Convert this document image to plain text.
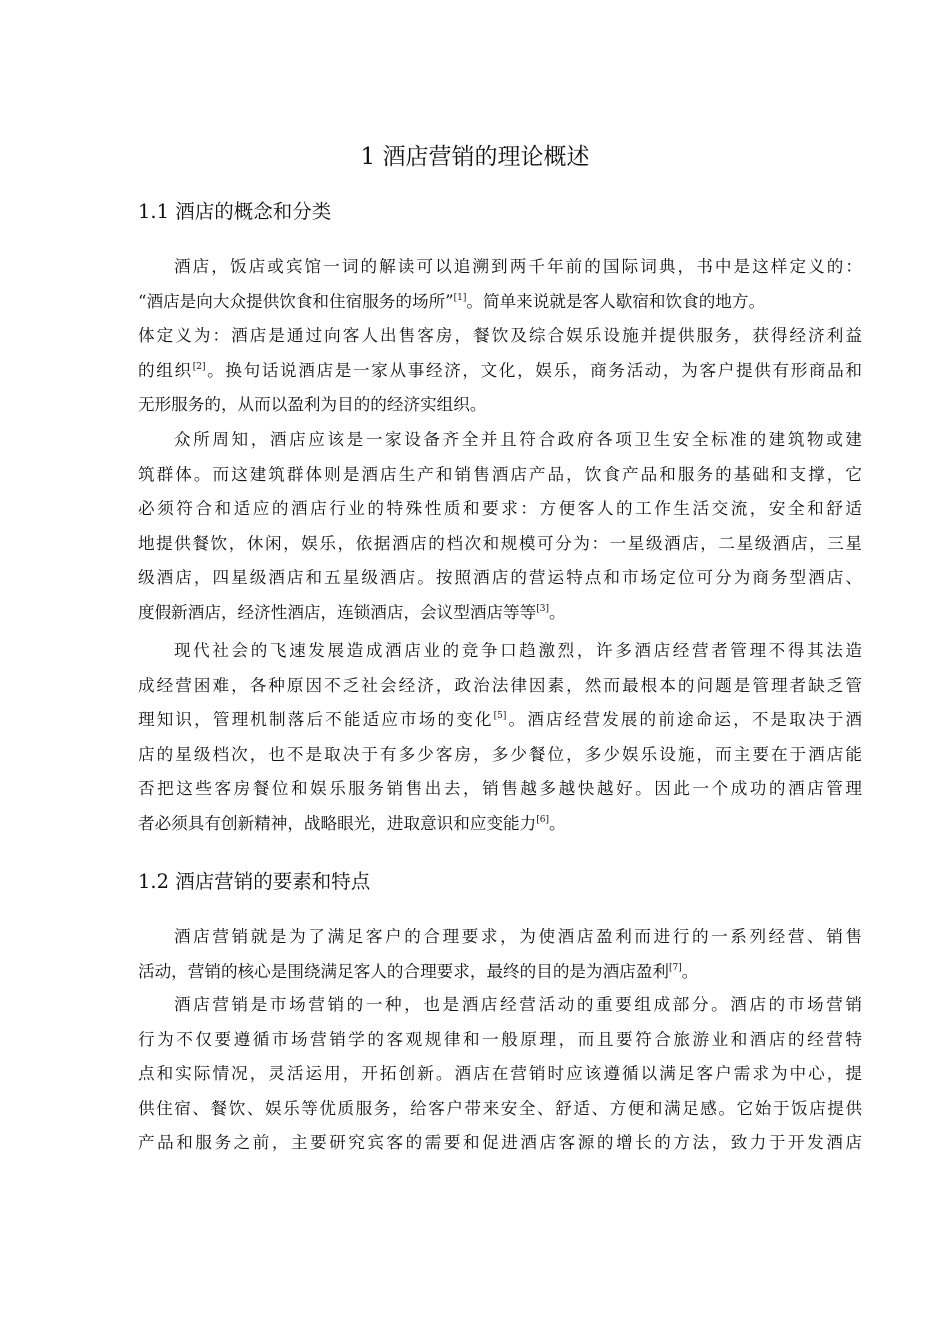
1 酒店营销的理论概述
1.1 酒店的概念和分类
酒店，饭店或宾馆一词的解读可以追溯到两千年前的国际词典，书中是这样定义的：
“酒店是向大众提供饮食和住宿服务的场所”[1]。简单来说就是客人歇宿和饮食的地方。
体定义为：酒店是通过向客人出售客房，餐饮及综合娱乐设施并提供服务，获得经济利益
的组织[2]。换句话说酒店是一家从事经济，文化，娱乐，商务活动，为客户提供有形商品和
无形服务的，从而以盈利为目的的经济实组织。
众所周知，酒店应该是一家设备齐全并且符合政府各项卫生安全标准的建筑物或建
筑群体。而这建筑群体则是酒店生产和销售酒店产品，饮食产品和服务的基础和支撑，它
必须符合和适应的酒店行业的特殊性质和要求：方便客人的工作生活交流，安全和舒适
地提供餐饮，休闲，娱乐，依据酒店的档次和规模可分为：一星级酒店，二星级酒店，三星
级酒店，四星级酒店和五星级酒店。按照酒店的营运特点和市场定位可分为商务型酒店、
度假新酒店，经济性酒店，连锁酒店，会议型酒店等等[3]。
现代社会的飞速发展造成酒店业的竞争口趋激烈，许多酒店经营者管理不得其法造
成经营困难，各种原因不乏社会经济，政治法律因素，然而最根本的问题是管理者缺乏管
理知识，管理机制落后不能适应市场的变化[5]。酒店经营发展的前途命运，不是取决于酒
店的星级档次，也不是取决于有多少客房，多少餐位，多少娱乐设施，而主要在于酒店能
否把这些客房餐位和娱乐服务销售出去，销售越多越快越好。因此一个成功的酒店管理
者必须具有创新精神，战略眼光，进取意识和应变能力[6]。
1.2 酒店营销的要素和特点
酒店营销就是为了满足客户的合理要求，为使酒店盈利而进行的一系列经营、销售
活动，营销的核心是围绕满足客人的合理要求，最终的目的是为酒店盈利[7]。
酒店营销是市场营销的一种，也是酒店经营活动的重要组成部分。酒店的市场营销
行为不仅要遵循市场营销学的客观规律和一般原理，而且要符合旅游业和酒店的经营特
点和实际情况，灵活运用，开拓创新。酒店在营销时应该遵循以满足客户需求为中心，提
供住宿、餐饮、娱乐等优质服务，给客户带来安全、舒适、方便和满足感。它始于饭店提供
产品和服务之前，主要研究宾客的需要和促进酒店客源的增长的方法，致力于开发酒店
